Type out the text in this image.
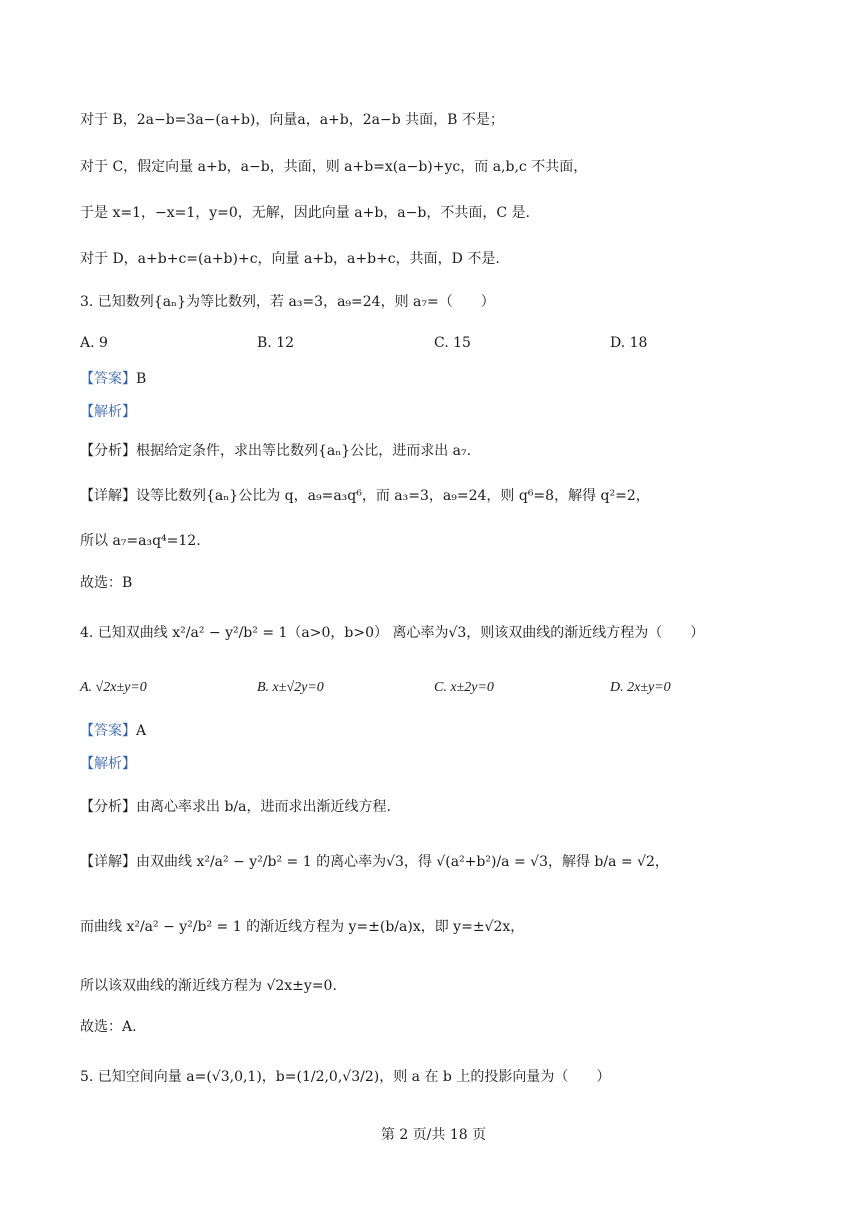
对于 B，2a−b=3a−(a+b)，向量a，a+b，2a−b 共面，B 不是；
对于 C，假定向量 a+b，a−b，共面，则 a+b=x(a−b)+yc，而 a,b,c 不共面，
于是 x=1，−x=1，y=0，无解，因此向量 a+b，a−b，不共面，C 是.
对于 D，a+b+c=(a+b)+c，向量 a+b，a+b+c，共面，D 不是.
3. 已知数列{aₙ}为等比数列，若 a₃=3，a₉=24，则 a₇=（　　）
A. 9	B. 12	C. 15	D. 18
【答案】B
【解析】
【分析】根据给定条件，求出等比数列{aₙ}公比，进而求出 a₇.
【详解】设等比数列{aₙ}公比为 q，a₉=a₃q⁶，而 a₃=3，a₉=24，则 q⁶=8，解得 q²=2，
所以 a₇=a₃q⁴=12.
故选：B
4. 已知双曲线 x²/a² − y²/b² = 1（a>0，b>0） 离心率为√3，则该双曲线的渐近线方程为（　　）
A. √2x±y=0	B. x±√2y=0	C. x±2y=0	D. 2x±y=0
【答案】A
【解析】
【分析】由离心率求出 b/a，进而求出渐近线方程.
【详解】由双曲线 x²/a² − y²/b² = 1 的离心率为√3，得 √(a²+b²)/a = √3，解得 b/a = √2，
而曲线 x²/a² − y²/b² = 1 的渐近线方程为 y=±(b/a)x，即 y=±√2x，
所以该双曲线的渐近线方程为 √2x±y=0.
故选：A.
5. 已知空间向量 a=(√3,0,1)，b=(1/2,0,√3/2)，则 a 在 b 上的投影向量为（　　）
第 2 页/共 18 页
